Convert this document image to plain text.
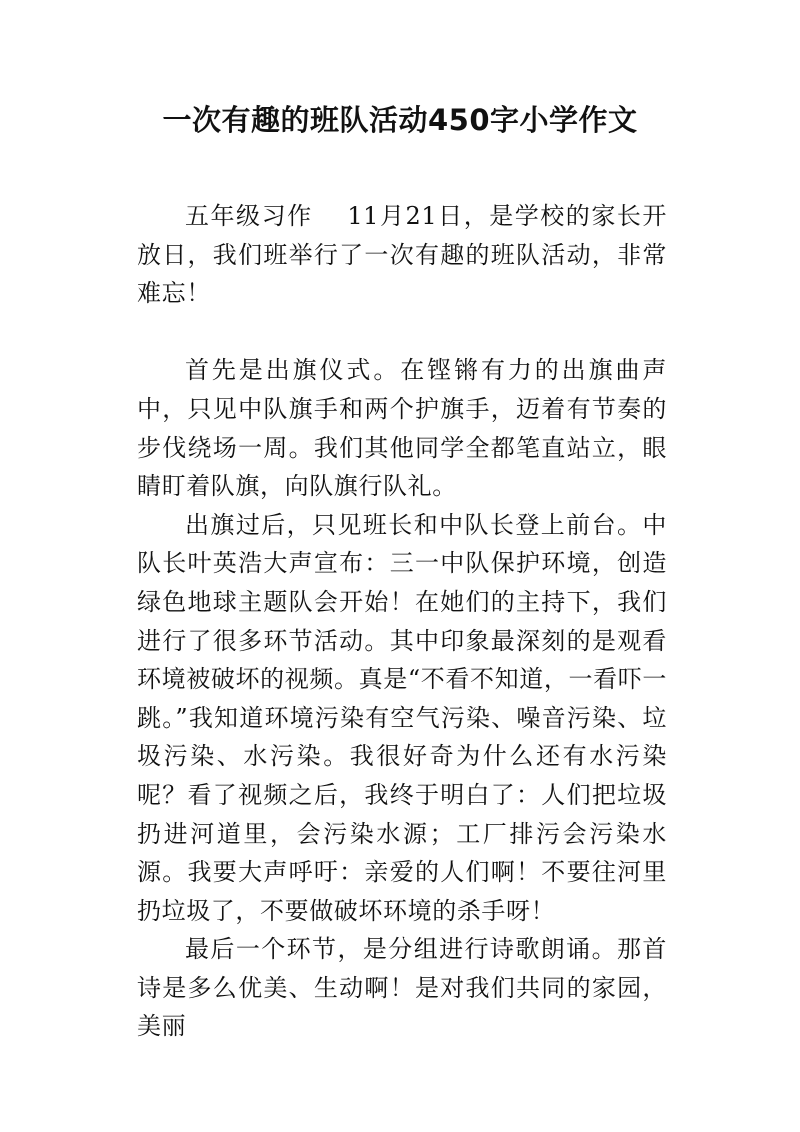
一次有趣的班队活动450字小学作文

五年级习作　 11月21日，是学校的家长开放日，我们班举行了一次有趣的班队活动，非常难忘！

首先是出旗仪式。在铿锵有力的出旗曲声中，只见中队旗手和两个护旗手，迈着有节奏的步伐绕场一周。我们其他同学全都笔直站立，眼睛盯着队旗，向队旗行队礼。

出旗过后，只见班长和中队长登上前台。中队长叶英浩大声宣布：三一中队保护环境，创造绿色地球主题队会开始！在她们的主持下，我们进行了很多环节活动。其中印象最深刻的是观看环境被破坏的视频。真是“不看不知道，一看吓一跳。”我知道环境污染有空气污染、噪音污染、垃圾污染、水污染。我很好奇为什么还有水污染呢？看了视频之后，我终于明白了：人们把垃圾扔进河道里，会污染水源；工厂排污会污染水源。我要大声呼吁：亲爱的人们啊！不要往河里扔垃圾了，不要做破坏环境的杀手呀！

最后一个环节，是分组进行诗歌朗诵。那首诗是多么优美、生动啊！是对我们共同的家园，美丽
